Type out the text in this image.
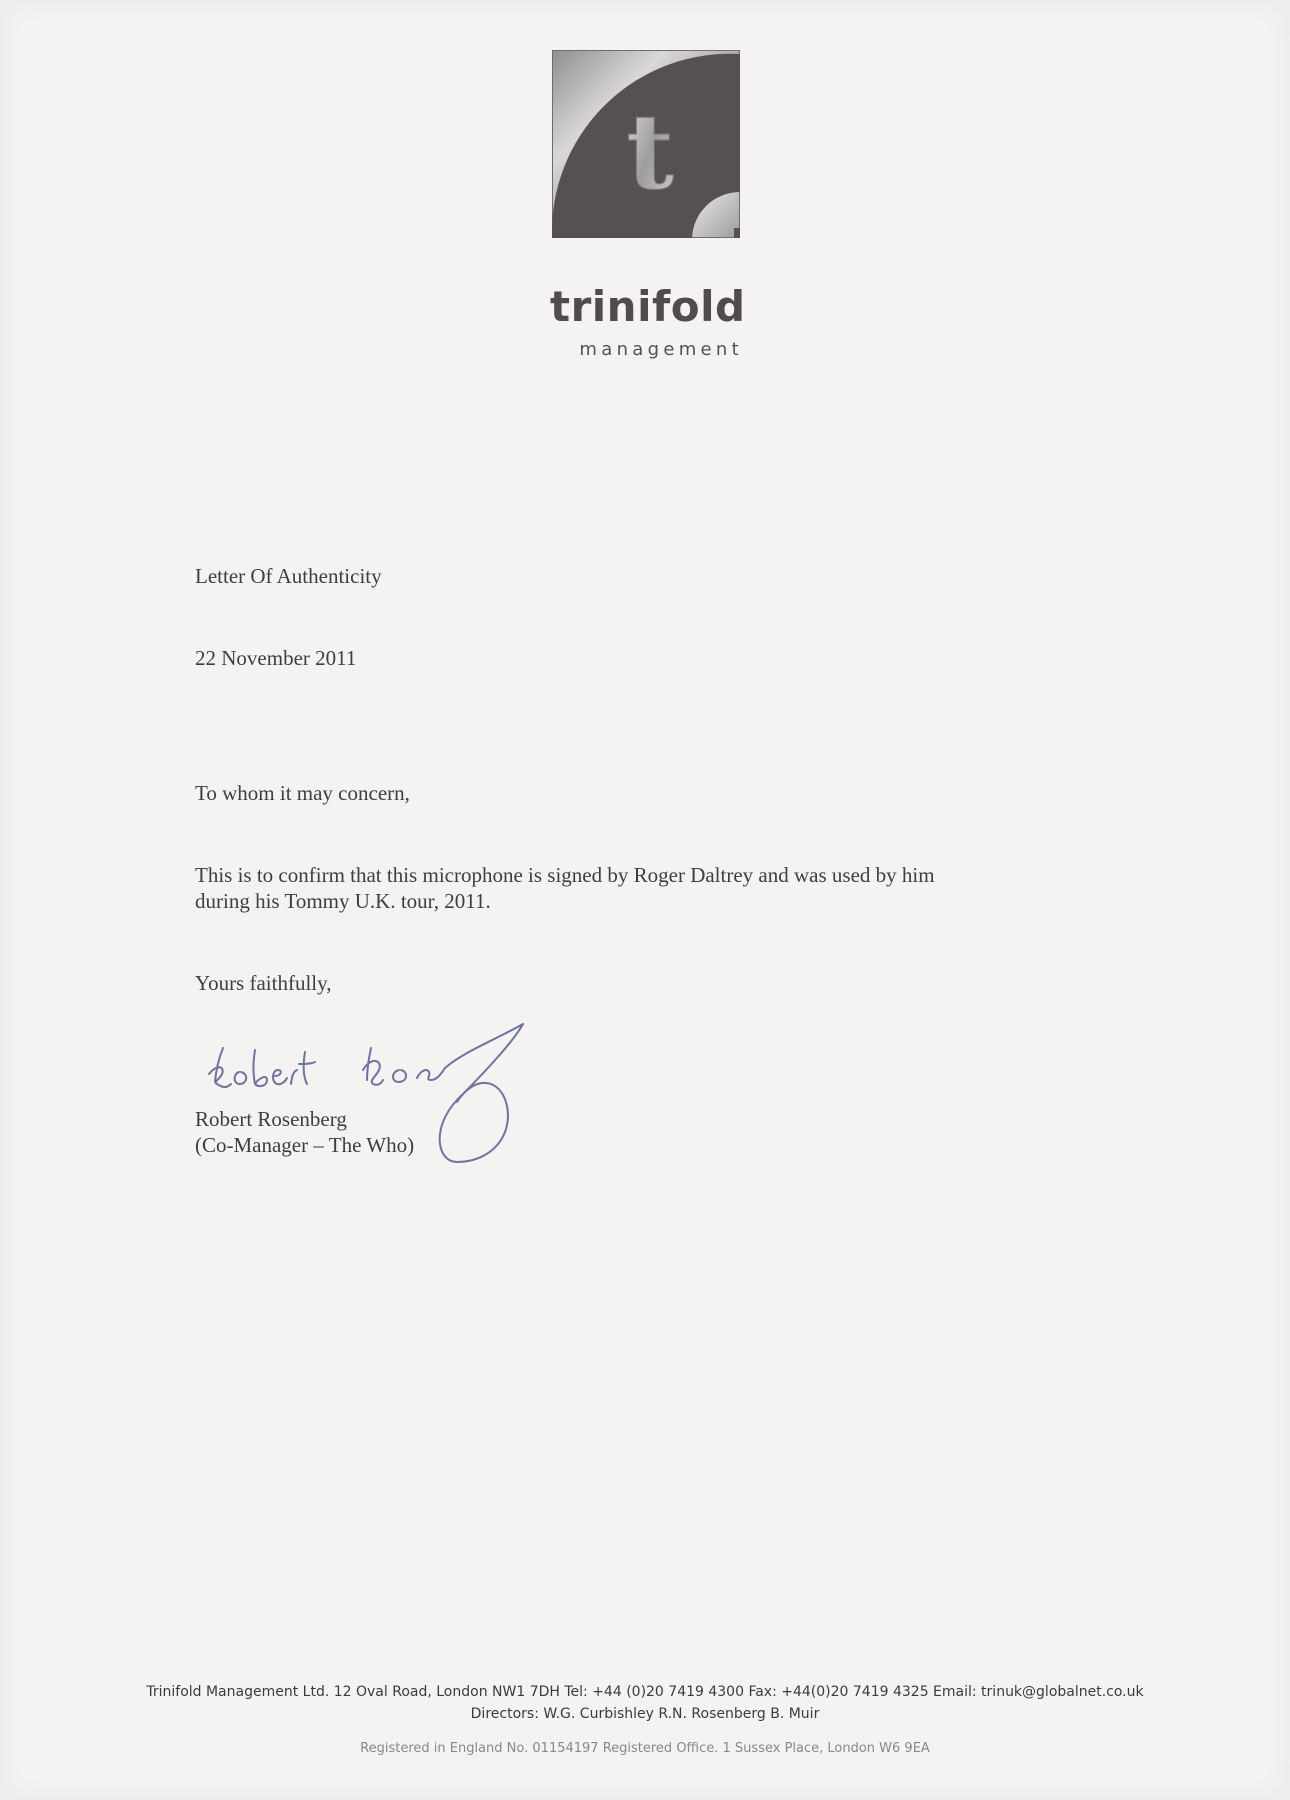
t
trinifold
management
Letter Of Authenticity
22 November 2011
To whom it may concern,
This is to confirm that this microphone is signed by Roger Daltrey and was used by him
during his Tommy U.K. tour, 2011.
Yours faithfully,
Robert Rosenberg
(Co-Manager – The Who)
Trinifold Management Ltd. 12 Oval Road, London NW1 7DH Tel: +44 (0)20 7419 4300 Fax: +44(0)20 7419 4325 Email: trinuk@globalnet.co.uk
Directors: W.G. Curbishley R.N. Rosenberg B. Muir
Registered in England No. 01154197 Registered Office. 1 Sussex Place, London W6 9EA
